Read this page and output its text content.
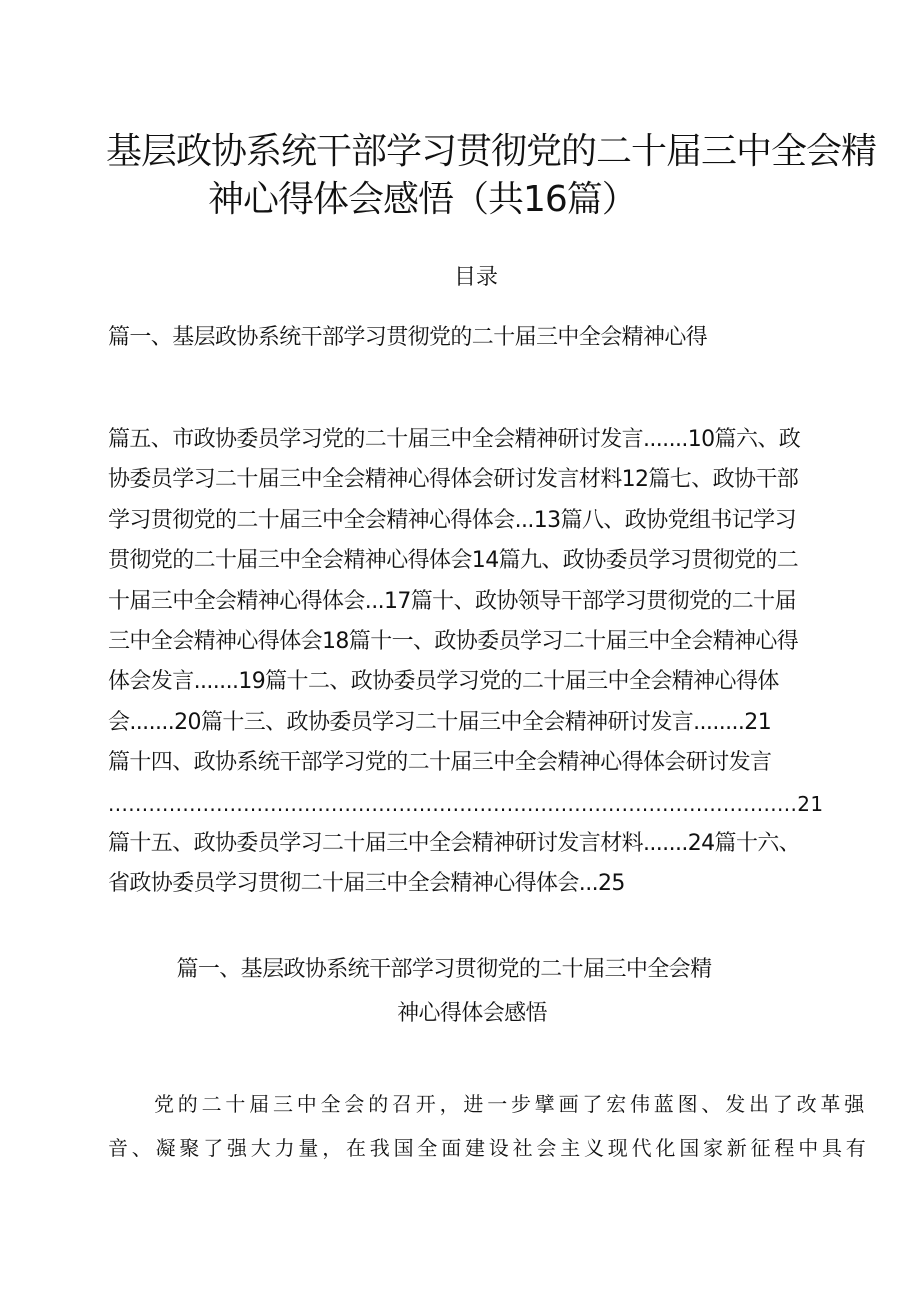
基层政协系统干部学习贯彻党的二十届三中全会精
神心得体会感悟（共16篇）
目录
篇一、基层政协系统干部学习贯彻党的二十届三中全会精神心得
篇五、市政协委员学习党的二十届三中全会精神研讨发言.......10篇六、政
协委员学习二十届三中全会精神心得体会研讨发言材料12篇七、政协干部
学习贯彻党的二十届三中全会精神心得体会...13篇八、政协党组书记学习
贯彻党的二十届三中全会精神心得体会14篇九、政协委员学习贯彻党的二
十届三中全会精神心得体会...17篇十、政协领导干部学习贯彻党的二十届
三中全会精神心得体会18篇十一、政协委员学习二十届三中全会精神心得
体会发言.......19篇十二、政协委员学习党的二十届三中全会精神心得体
会.......20篇十三、政协委员学习二十届三中全会精神研讨发言........21
篇十四、政协系统干部学习党的二十届三中全会精神心得体会研讨发言
......................................................................................................21
篇十五、政协委员学习二十届三中全会精神研讨发言材料.......24篇十六、
省政协委员学习贯彻二十届三中全会精神心得体会...25
篇一、基层政协系统干部学习贯彻党的二十届三中全会精
神心得体会感悟
党的二十届三中全会的召开，进一步擘画了宏伟蓝图、发出了改革强
音、凝聚了强大力量，在我国全面建设社会主义现代化国家新征程中具有
